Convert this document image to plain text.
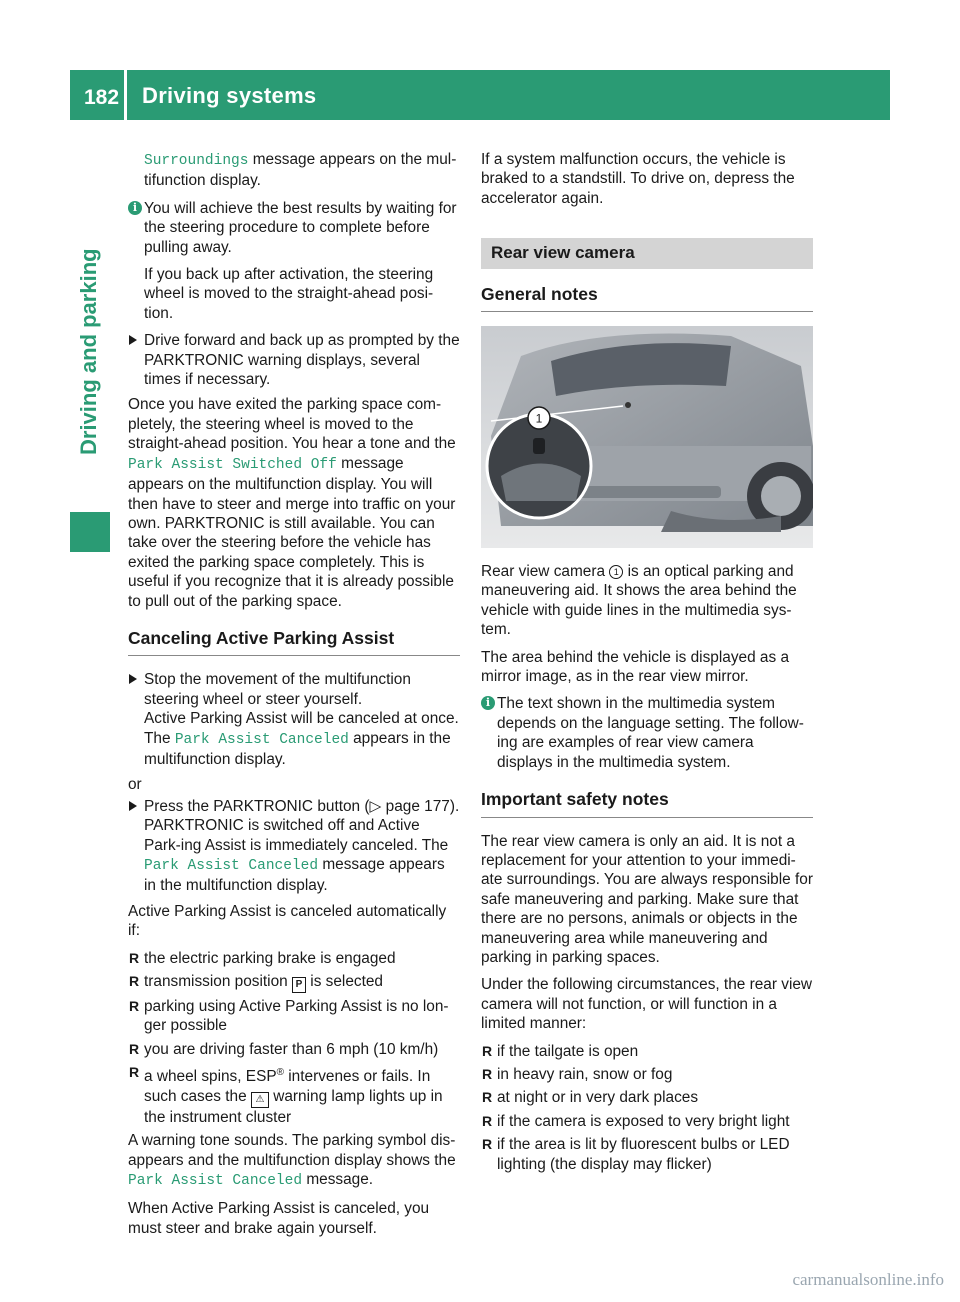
182 Driving systems
Driving and parking

Surroundings message appears on the mul-tifunction display.

i You will achieve the best results by waiting for the steering procedure to complete before pulling away.

If you back up after activation, the steering wheel is moved to the straight-ahead posi-tion.

Drive forward and back up as prompted by the PARKTRONIC warning displays, several times if necessary.

Once you have exited the parking space com-pletely, the steering wheel is moved to the straight-ahead position. You hear a tone and the Park Assist Switched Off message appears on the multifunction display. You will then have to steer and merge into traffic on your own. PARKTRONIC is still available. You can take over the steering before the vehicle has exited the parking space completely. This is useful if you recognize that it is already possible to pull out of the parking space.

Canceling Active Parking Assist
Stop the movement of the multifunction steering wheel or steer yourself.
Active Parking Assist will be canceled at once. The Park Assist Canceled appears in the multifunction display.

or

Press the PARKTRONIC button (▷ page 177).
PARKTRONIC is switched off and Active Park-ing Assist is immediately canceled. The Park Assist Canceled message appears in the multifunction display.

Active Parking Assist is canceled automatically if:

R the electric parking brake is engaged
R transmission position P is selected
R parking using Active Parking Assist is no lon-ger possible
R you are driving faster than 6 mph (10 km/h)
R a wheel spins, ESP® intervenes or fails. In such cases the ⚠ warning lamp lights up in the instrument cluster

A warning tone sounds. The parking symbol dis-appears and the multifunction display shows the Park Assist Canceled message.

When Active Parking Assist is canceled, you must steer and brake again yourself.

If a system malfunction occurs, the vehicle is braked to a standstill. To drive on, depress the accelerator again.

Rear view camera
General notes
1

Rear view camera 1 is an optical parking and maneuvering aid. It shows the area behind the vehicle with guide lines in the multimedia sys-tem.

The area behind the vehicle is displayed as a mirror image, as in the rear view mirror.

i The text shown in the multimedia system depends on the language setting. The follow-ing are examples of rear view camera displays in the multimedia system.

Important safety notes

The rear view camera is only an aid. It is not a replacement for your attention to your immedi-ate surroundings. You are always responsible for safe maneuvering and parking. Make sure that there are no persons, animals or objects in the maneuvering area while maneuvering and parking in parking spaces.

Under the following circumstances, the rear view camera will not function, or will function in a limited manner:

R if the tailgate is open
R in heavy rain, snow or fog
R at night or in very dark places
R if the camera is exposed to very bright light
R if the area is lit by fluorescent bulbs or LED lighting (the display may flicker)
carmanualsonline.info
